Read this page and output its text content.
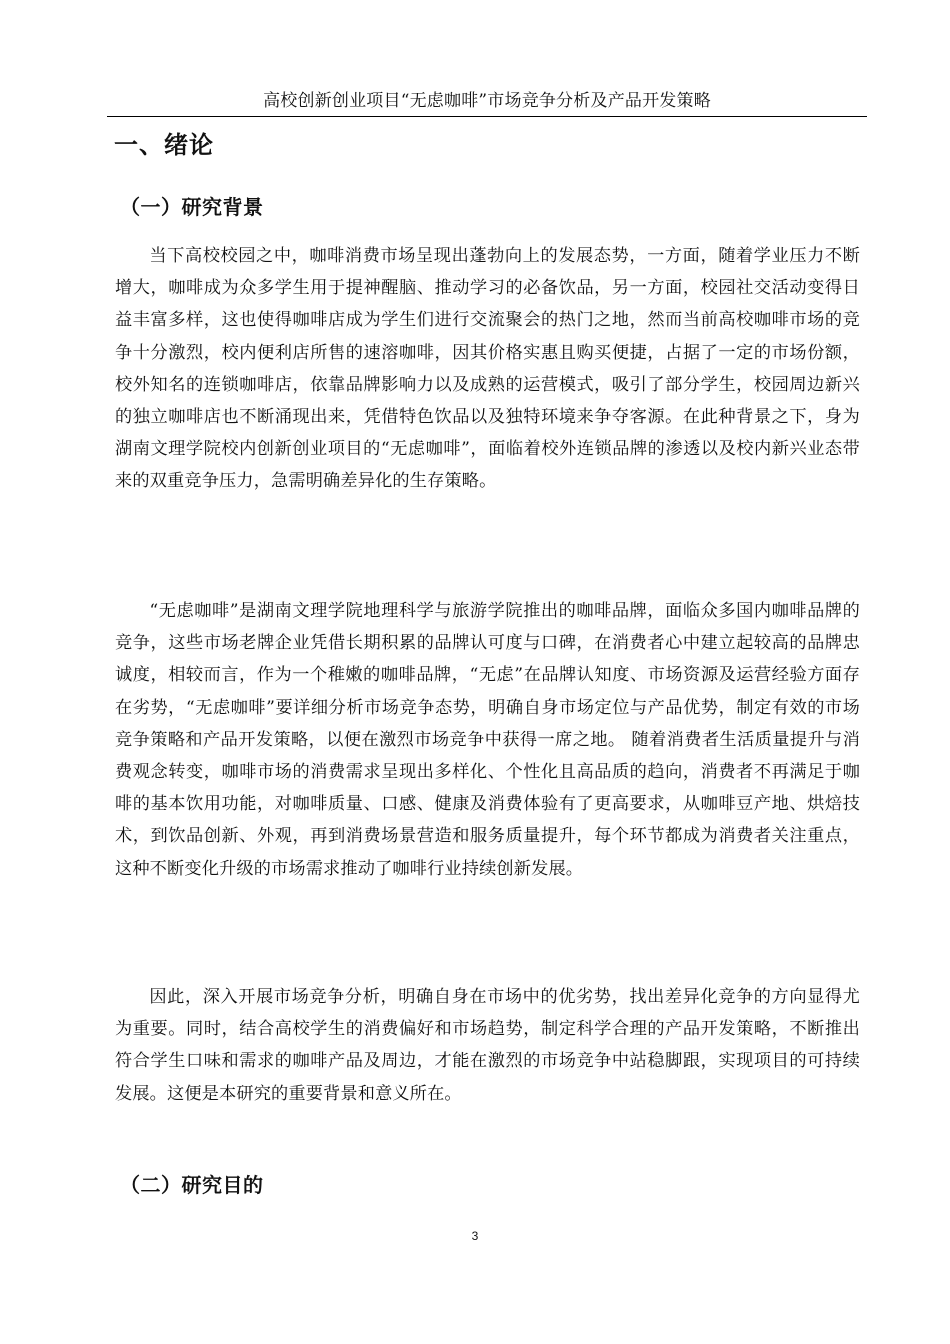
高校创新创业项目“无虑咖啡”市场竞争分析及产品开发策略
一、绪论
（一）研究背景

当下高校校园之中，咖啡消费市场呈现出蓬勃向上的发展态势，一方面，随着学业压力不断增大，咖啡成为众多学生用于提神醒脑、推动学习的必备饮品，另一方面，校园社交活动变得日益丰富多样，这也使得咖啡店成为学生们进行交流聚会的热门之地，然而当前高校咖啡市场的竞争十分激烈，校内便利店所售的速溶咖啡，因其价格实惠且购买便捷，占据了一定的市场份额，校外知名的连锁咖啡店，依靠品牌影响力以及成熟的运营模式，吸引了部分学生，校园周边新兴的独立咖啡店也不断涌现出来，凭借特色饮品以及独特环境来争夺客源。在此种背景之下，身为湖南文理学院校内创新创业项目的“无虑咖啡”，面临着校外连锁品牌的渗透以及校内新兴业态带来的双重竞争压力，急需明确差异化的生存策略。

“无虑咖啡”是湖南文理学院地理科学与旅游学院推出的咖啡品牌，面临众多国内咖啡品牌的竞争，这些市场老牌企业凭借长期积累的品牌认可度与口碑，在消费者心中建立起较高的品牌忠诚度，相较而言，作为一个稚嫩的咖啡品牌，“无虑”在品牌认知度、市场资源及运营经验方面存在劣势，“无虑咖啡”要详细分析市场竞争态势，明确自身市场定位与产品优势，制定有效的市场竞争策略和产品开发策略，以便在激烈市场竞争中获得一席之地。 随着消费者生活质量提升与消费观念转变，咖啡市场的消费需求呈现出多样化、个性化且高品质的趋向，消费者不再满足于咖啡的基本饮用功能，对咖啡质量、口感、健康及消费体验有了更高要求，从咖啡豆产地、烘焙技术，到饮品创新、外观，再到消费场景营造和服务质量提升，每个环节都成为消费者关注重点，这种不断变化升级的市场需求推动了咖啡行业持续创新发展。

因此，深入开展市场竞争分析，明确自身在市场中的优劣势，找出差异化竞争的方向显得尤为重要。同时，结合高校学生的消费偏好和市场趋势，制定科学合理的产品开发策略，不断推出符合学生口味和需求的咖啡产品及周边，才能在激烈的市场竞争中站稳脚跟，实现项目的可持续发展。这便是本研究的重要背景和意义所在。

（二）研究目的
3
